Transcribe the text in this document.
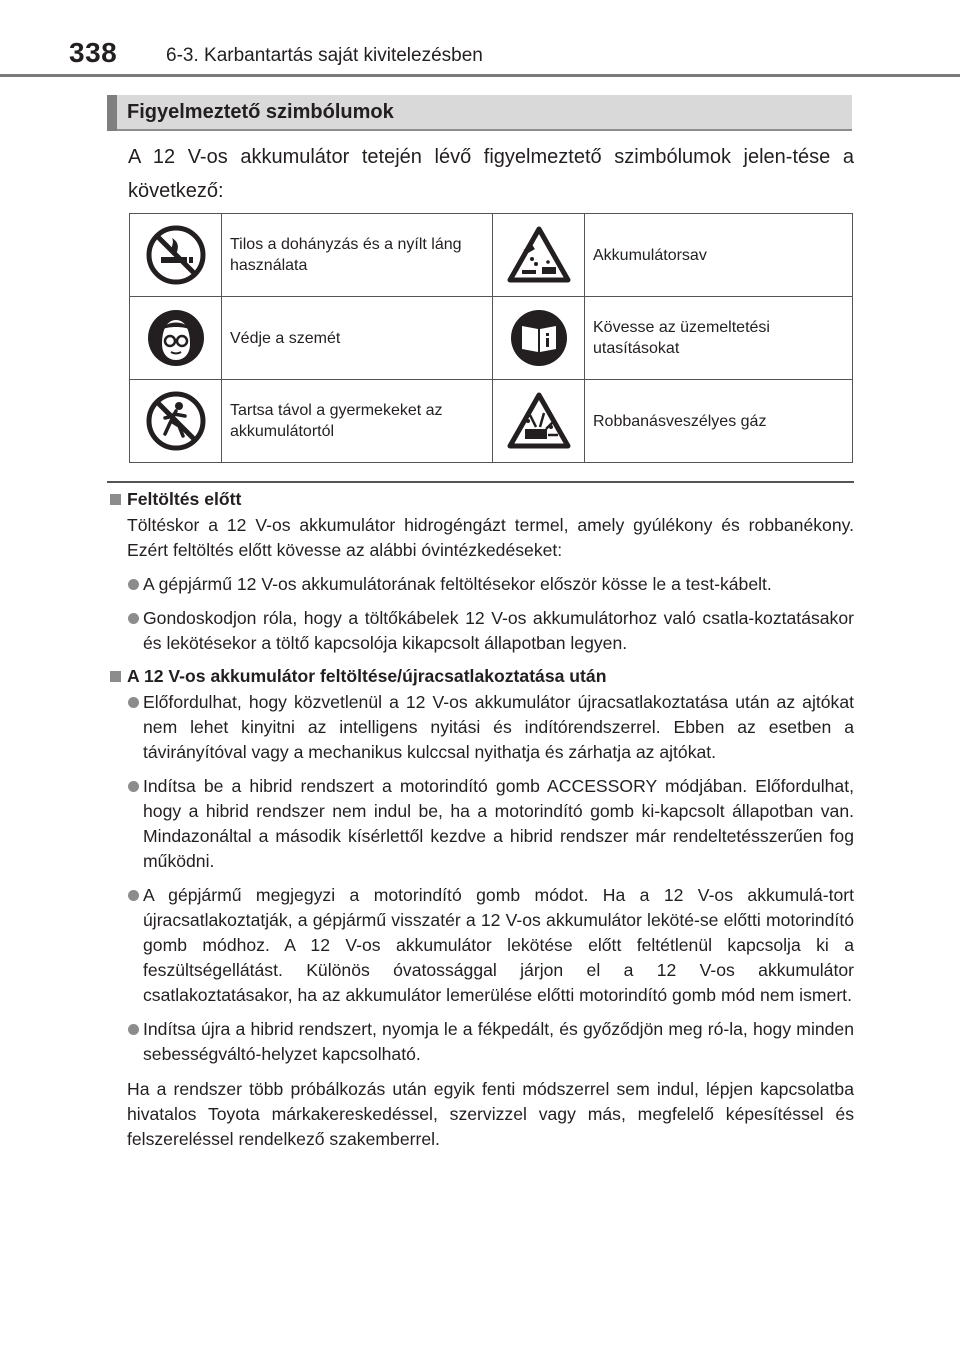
338	6-3. Karbantartás saját kivitelezésben
Figyelmeztető szimbólumok
A 12 V-os akkumulátor tetején lévő figyelmeztető szimbólumok jelen-tése a következő:
	Tilos a dohányzás és a nyílt láng használata		Akkumulátorsav

	Védje a szemét		Kövesse az üzemeltetési utasításokat

	Tartsa távol a gyermekeket az akkumulátortól		Robbanásveszélyes gáz
Feltöltés előtt
Töltéskor a 12 V-os akkumulátor hidrogéngázt termel, amely gyúlékony és robbanékony. Ezért feltöltés előtt kövesse az alábbi óvintézkedéseket:
A gépjármű 12 V-os akkumulátorának feltöltésekor először kösse le a test-kábelt.
Gondoskodjon róla, hogy a töltőkábelek 12 V-os akkumulátorhoz való csatla-koztatásakor és lekötésekor a töltő kapcsolója kikapcsolt állapotban legyen.
A 12 V-os akkumulátor feltöltése/újracsatlakoztatása után
Előfordulhat, hogy közvetlenül a 12 V-os akkumulátor újracsatlakoztatása után az ajtókat nem lehet kinyitni az intelligens nyitási és indítórendszerrel. Ebben az esetben a távirányítóval vagy a mechanikus kulccsal nyithatja és zárhatja az ajtókat.
Indítsa be a hibrid rendszert a motorindító gomb ACCESSORY módjában. Előfordulhat, hogy a hibrid rendszer nem indul be, ha a motorindító gomb ki-kapcsolt állapotban van. Mindazonáltal a második kísérlettől kezdve a hibrid rendszer már rendeltetésszerűen fog működni.
A gépjármű megjegyzi a motorindító gomb módot. Ha a 12 V-os akkumulá-tort újracsatlakoztatják, a gépjármű visszatér a 12 V-os akkumulátor leköté-se előtti motorindító gomb módhoz. A 12 V-os akkumulátor lekötése előtt feltétlenül kapcsolja ki a feszültségellátást. Különös óvatossággal járjon el a 12 V-os akkumulátor csatlakoztatásakor, ha az akkumulátor lemerülése előtti motorindító gomb mód nem ismert.
Indítsa újra a hibrid rendszert, nyomja le a fékpedált, és győződjön meg ró-la, hogy minden sebességváltó-helyzet kapcsolható.
Ha a rendszer több próbálkozás után egyik fenti módszerrel sem indul, lépjen kapcsolatba hivatalos Toyota márkakereskedéssel, szervizzel vagy más, megfelelő képesítéssel és felszereléssel rendelkező szakemberrel.
